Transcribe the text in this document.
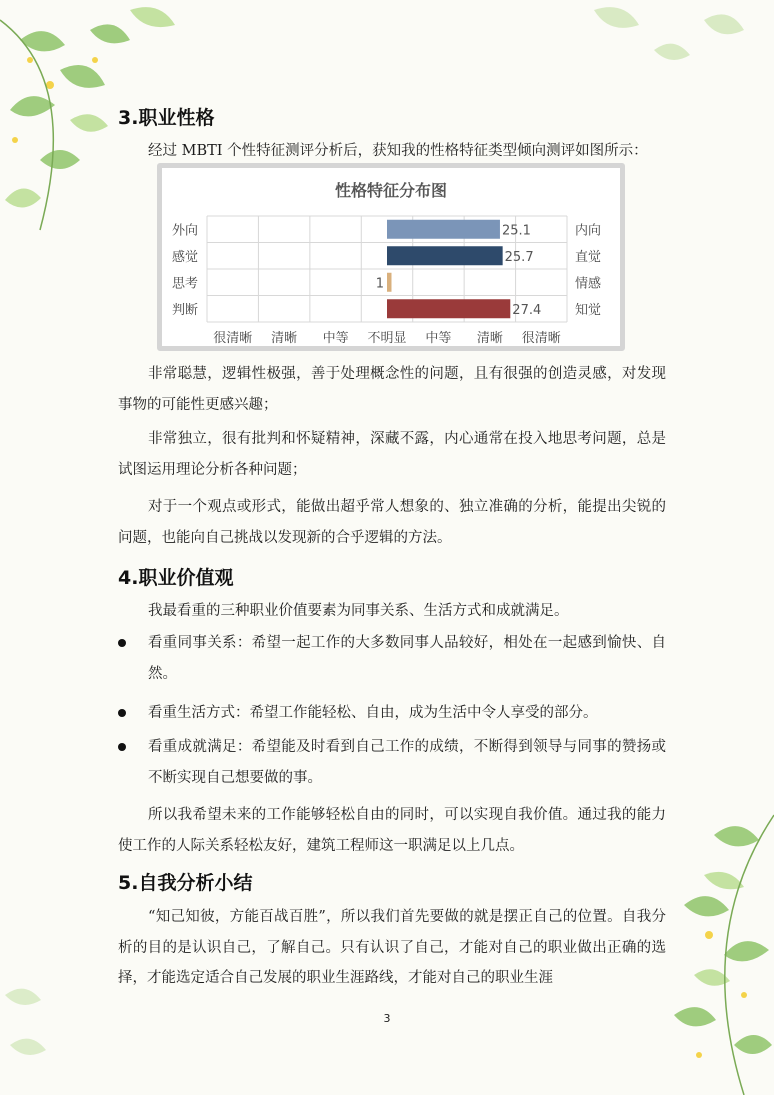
3.职业性格

经过 MBTI 个性特征测评分析后，获知我的性格特征类型倾向测评如图所示：

性格特征分布图
外向	内向
25.1
感觉	直觉
25.7
思考	情感
1
判断	知觉
27.4
很清晰 清晰 中等 不明显 中等 清晰 很清晰

非常聪慧，逻辑性极强，善于处理概念性的问题，且有很强的创造灵感，对发现事物的可能性更感兴趣；

非常独立，很有批判和怀疑精神，深藏不露，内心通常在投入地思考问题，总是试图运用理论分析各种问题；

对于一个观点或形式，能做出超乎常人想象的、独立准确的分析，能提出尖锐的问题，也能向自己挑战以发现新的合乎逻辑的方法。

4.职业价值观

我最看重的三种职业价值要素为同事关系、生活方式和成就满足。

看重同事关系：希望一起工作的大多数同事人品较好，相处在一起感到愉快、自然。
看重生活方式：希望工作能轻松、自由，成为生活中令人享受的部分。
看重成就满足：希望能及时看到自己工作的成绩，不断得到领导与同事的赞扬或不断实现自己想要做的事。

所以我希望未来的工作能够轻松自由的同时，可以实现自我价值。通过我的能力使工作的人际关系轻松友好，建筑工程师这一职满足以上几点。

5.自我分析小结

“知己知彼，方能百战百胜”，所以我们首先要做的就是摆正自己的位置。自我分析的目的是认识自己，了解自己。只有认识了自己，才能对自己的职业做出正确的选择，才能选定适合自己发展的职业生涯路线，才能对自己的职业生涯

3
